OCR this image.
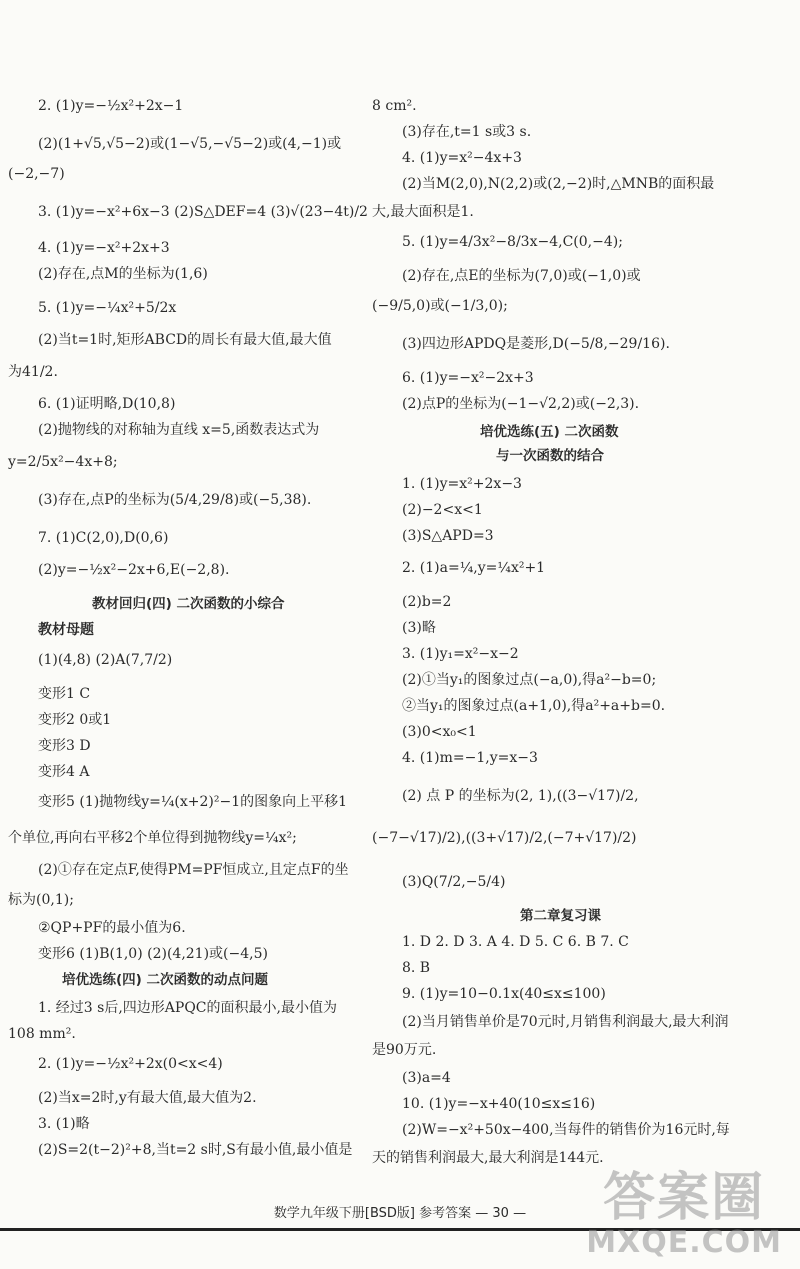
2. (1)y=−½x²+2x−1
(2)(1+√5,√5−2)或(1−√5,−√5−2)或(4,−1)或
(−2,−7)
3. (1)y=−x²+6x−3 (2)S△DEF=4 (3)√(23−4t)/2
4. (1)y=−x²+2x+3
(2)存在,点M的坐标为(1,6)
5. (1)y=−¼x²+5/2x
(2)当t=1时,矩形ABCD的周长有最大值,最大值
为41/2.
6. (1)证明略,D(10,8)
(2)抛物线的对称轴为直线 x=5,函数表达式为
y=2/5x²−4x+8;
(3)存在,点P的坐标为(5/4,29/8)或(−5,38).
7. (1)C(2,0),D(0,6)
(2)y=−½x²−2x+6,E(−2,8).
教材回归(四) 二次函数的小综合
教材母题
(1)(4,8) (2)A(7,7/2)
变形1 C
变形2 0或1
变形3 D
变形4 A
变形5 (1)抛物线y=¼(x+2)²−1的图象向上平移1
个单位,再向右平移2个单位得到抛物线y=¼x²;
(2)①存在定点F,使得PM=PF恒成立,且定点F的坐
标为(0,1);
②QP+PF的最小值为6.
变形6 (1)B(1,0) (2)(4,21)或(−4,5)
培优选练(四) 二次函数的动点问题
1. 经过3 s后,四边形APQC的面积最小,最小值为
108 mm².
2. (1)y=−½x²+2x(0<x<4)
(2)当x=2时,y有最大值,最大值为2.
3. (1)略
(2)S=2(t−2)²+8,当t=2 s时,S有最小值,最小值是
8 cm².
(3)存在,t=1 s或3 s.
4. (1)y=x²−4x+3
(2)当M(2,0),N(2,2)或(2,−2)时,△MNB的面积最
大,最大面积是1.
5. (1)y=4/3x²−8/3x−4,C(0,−4);
(2)存在,点E的坐标为(7,0)或(−1,0)或
(−9/5,0)或(−1/3,0);
(3)四边形APDQ是菱形,D(−5/8,−29/16).
6. (1)y=−x²−2x+3
(2)点P的坐标为(−1−√2,2)或(−2,3).
培优选练(五) 二次函数
与一次函数的结合
1. (1)y=x²+2x−3
(2)−2<x<1
(3)S△APD=3
2. (1)a=¼,y=¼x²+1
(2)b=2
(3)略
3. (1)y₁=x²−x−2
(2)①当y₁的图象过点(−a,0),得a²−b=0;
②当y₁的图象过点(a+1,0),得a²+a+b=0.
(3)0<x₀<1
4. (1)m=−1,y=x−3
(2) 点 P 的坐标为(2, 1),((3−√17)/2,
(−7−√17)/2),((3+√17)/2,(−7+√17)/2)
(3)Q(7/2,−5/4)
第二章复习课
1. D 2. D 3. A 4. D 5. C 6. B 7. C
8. B
9. (1)y=10−0.1x(40≤x≤100)
(2)当月销售单价是70元时,月销售利润最大,最大利润
是90万元.
(3)a=4
10. (1)y=−x+40(10≤x≤16)
(2)W=−x²+50x−400,当每件的销售价为16元时,每
天的销售利润最大,最大利润是144元.
数学九年级下册[BSD版] 参考答案 — 30 —	答案圈
MXQE.COM
